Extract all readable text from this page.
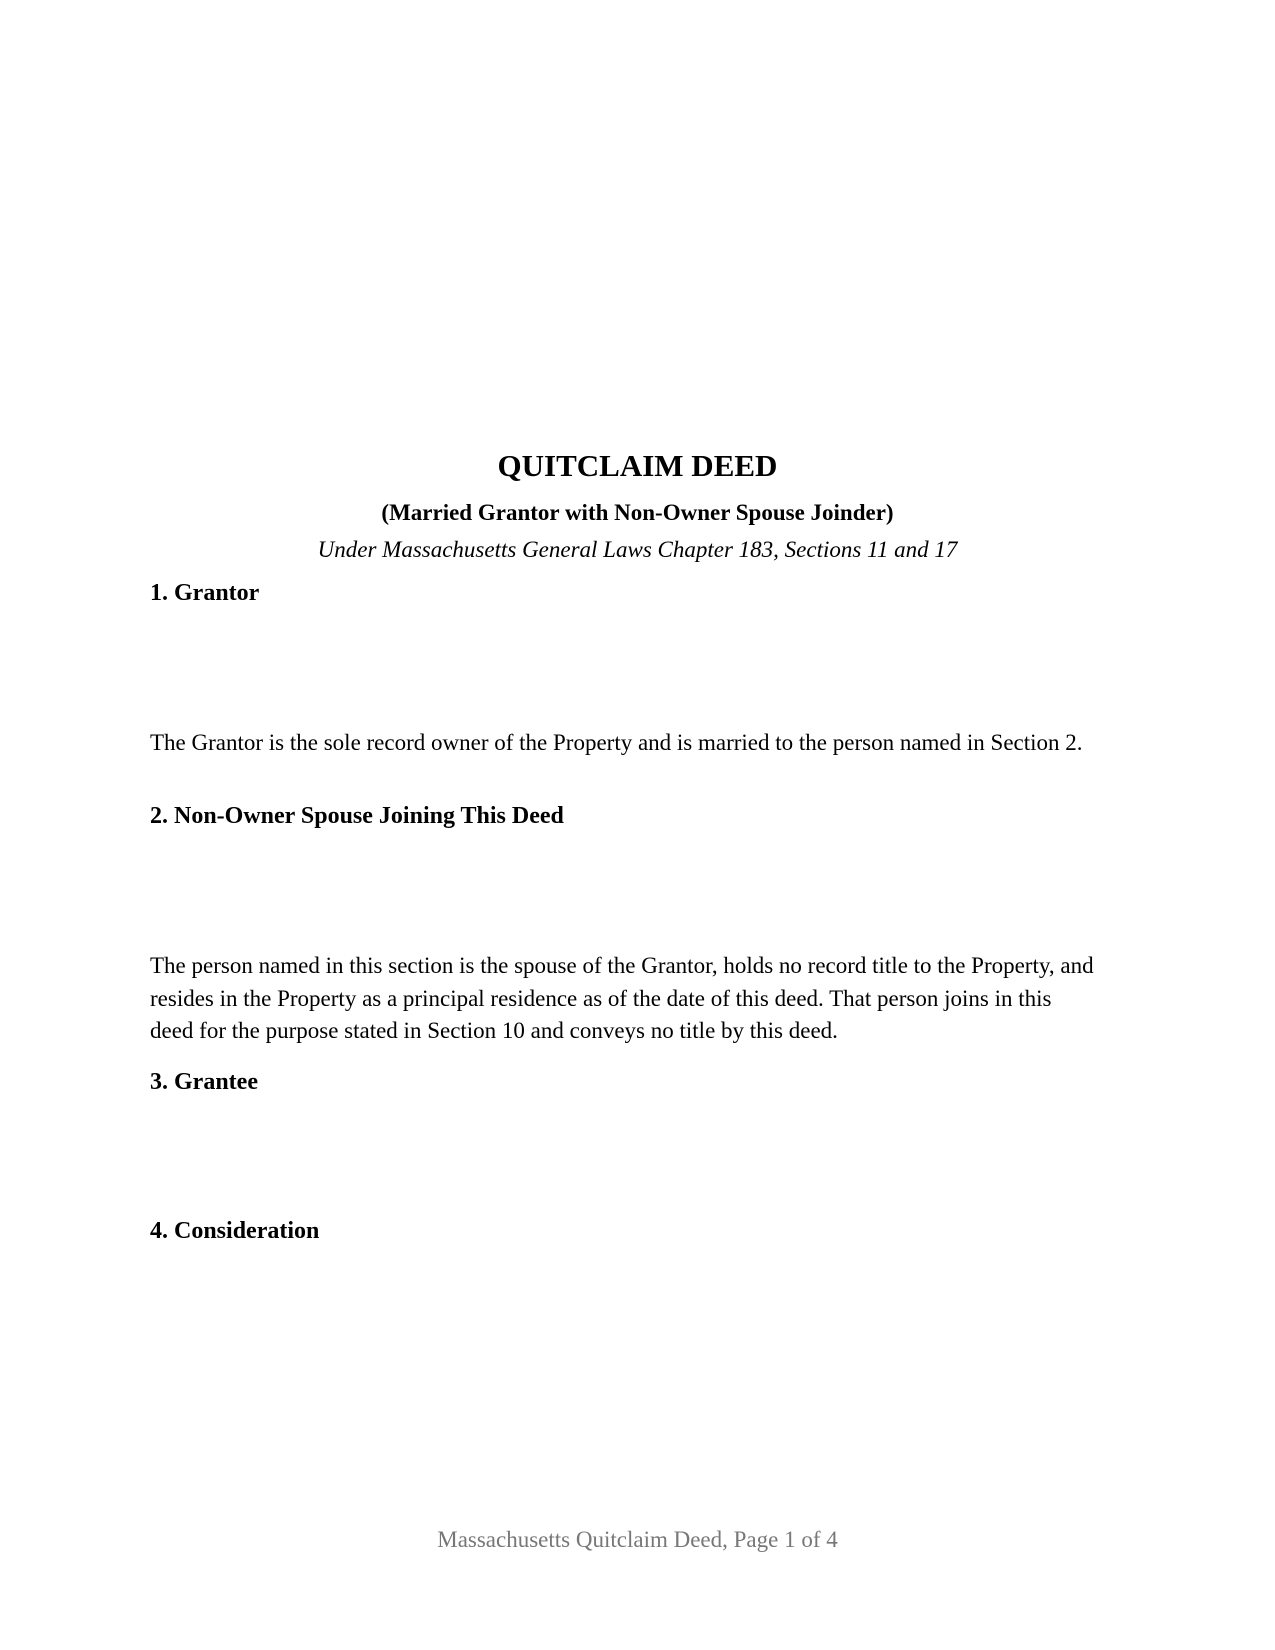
QUITCLAIM DEED
(Married Grantor with Non-Owner Spouse Joinder)

Under Massachusetts General Laws Chapter 183, Sections 11 and 17

1. Grantor

The Grantor is the sole record owner of the Property and is married to the person named in Section 2.

2. Non-Owner Spouse Joining This Deed

The person named in this section is the spouse of the Grantor, holds no record title to the Property, and resides in the Property as a principal residence as of the date of this deed. That person joins in this deed for the purpose stated in Section 10 and conveys no title by this deed.

3. Grantee
4. Consideration

Massachusetts Quitclaim Deed, Page 1 of 4
